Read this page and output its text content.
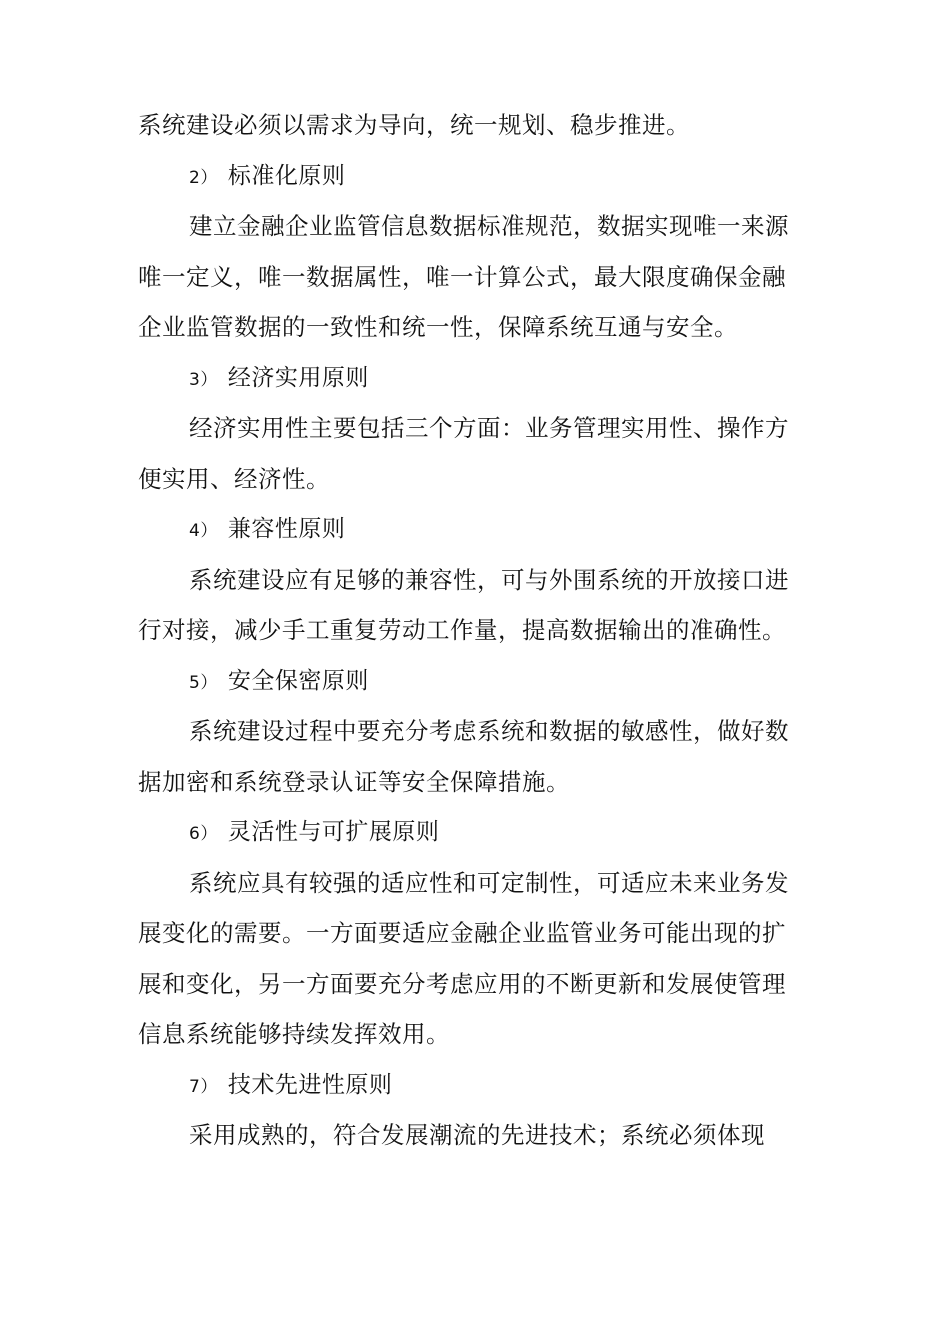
系统建设必须以需求为导向，统一规划、稳步推进。
2） 标准化原则
建立金融企业监管信息数据标准规范，数据实现唯一来源
唯一定义，唯一数据属性，唯一计算公式，最大限度确保金融
企业监管数据的一致性和统一性，保障系统互通与安全。
3） 经济实用原则
经济实用性主要包括三个方面：业务管理实用性、操作方
便实用、经济性。
4） 兼容性原则
系统建设应有足够的兼容性，可与外围系统的开放接口进
行对接，减少手工重复劳动工作量，提高数据输出的准确性。
5） 安全保密原则
系统建设过程中要充分考虑系统和数据的敏感性，做好数
据加密和系统登录认证等安全保障措施。
6） 灵活性与可扩展原则
系统应具有较强的适应性和可定制性，可适应未来业务发
展变化的需要。一方面要适应金融企业监管业务可能出现的扩
展和变化，另一方面要充分考虑应用的不断更新和发展使管理
信息系统能够持续发挥效用。
7） 技术先进性原则
采用成熟的，符合发展潮流的先进技术；系统必须体现
